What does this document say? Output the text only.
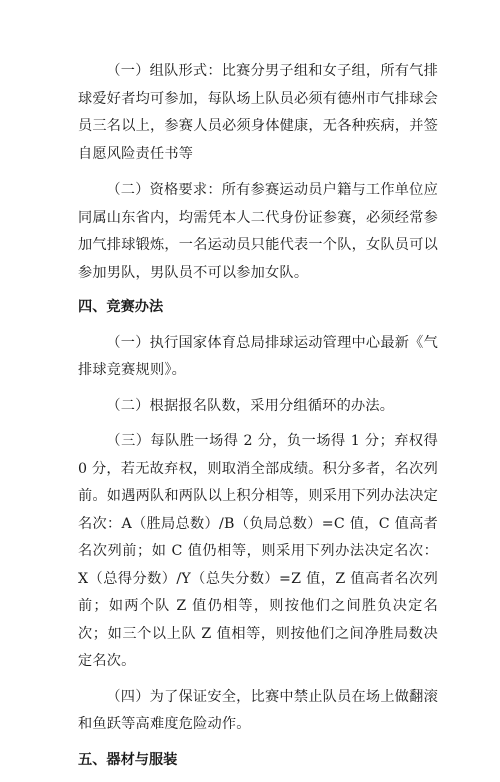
（一）组队形式：比赛分男子组和女子组，所有气排球爱好者均可参加，每队场上队员必须有德州市气排球会员三名以上，参赛人员必须身体健康，无各种疾病，并签自愿风险责任书等

（二）资格要求：所有参赛运动员户籍与工作单位应同属山东省内，均需凭本人二代身份证参赛，必须经常参加气排球锻炼，一名运动员只能代表一个队，女队员可以参加男队，男队员不可以参加女队。

四、竞赛办法

（一）执行国家体育总局排球运动管理中心最新《气排球竞赛规则》。

（二）根据报名队数，采用分组循环的办法。

（三）每队胜一场得 2 分，负一场得 1 分；弃权得 0 分，若无故弃权，则取消全部成绩。积分多者，名次列前。如遇两队和两队以上积分相等，则采用下列办法决定名次：A（胜局总数）/B（负局总数）=C 值，C 值高者名次列前；如 C 值仍相等，则采用下列办法决定名次：X（总得分数）/Y（总失分数）=Z 值，Z 值高者名次列前；如两个队 Z 值仍相等，则按他们之间胜负决定名次；如三个以上队 Z 值相等，则按他们之间净胜局数决定名次。

（四）为了保证安全，比赛中禁止队员在场上做翻滚和鱼跃等高难度危险动作。

五、器材与服装
